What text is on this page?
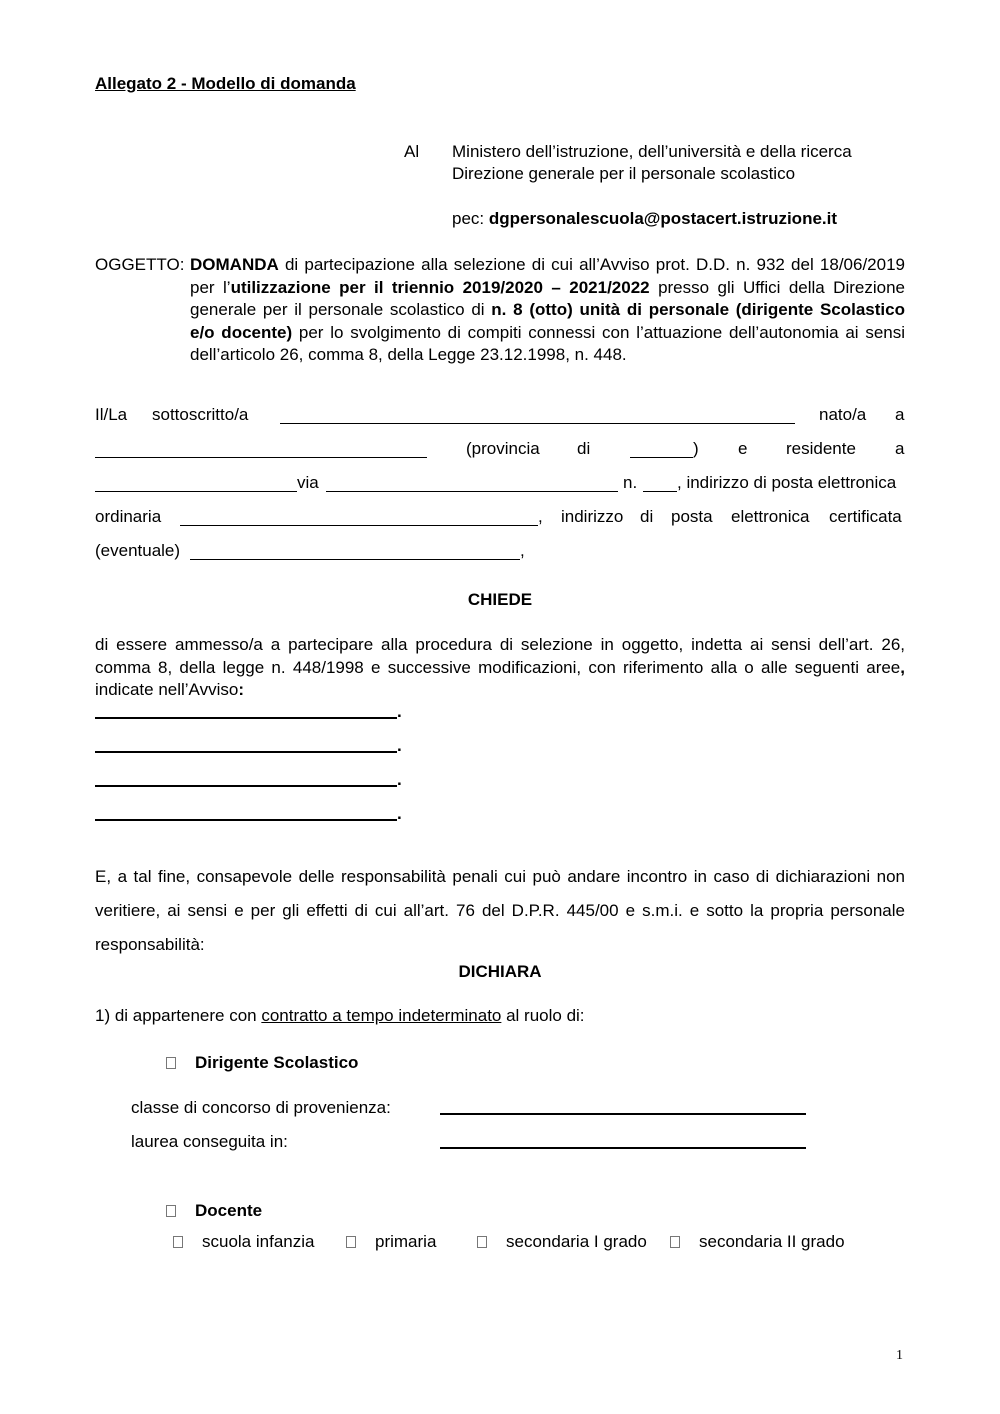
Allegato 2 - Modello di domanda
Al Ministero dell’istruzione, dell’università e della ricerca
Direzione generale per il personale scolastico
pec: dgpersonalescuola@postacert.istruzione.it
OGGETTO: DOMANDA di partecipazione alla selezione di cui all’Avviso prot. D.D. n. 932 del 18/06/2019 per l’utilizzazione per il triennio 2019/2020 – 2021/2022 presso gli Uffici della Direzione generale per il personale scolastico di n. 8 (otto) unità di personale (dirigente Scolastico e/o docente) per lo svolgimento di compiti connessi con l’attuazione dell’autonomia ai sensi dell’articolo 26, comma 8, della Legge 23.12.1998, n. 448.
Il/La sottoscritto/a	nato/a a
(provincia di	) e residente a
via	n. , indirizzo di posta elettronica
ordinaria	, indirizzo di posta elettronica certificata
(eventuale)	,
CHIEDE
di essere ammesso/a a partecipare alla procedura di selezione in oggetto, indetta ai sensi dell’art. 26, comma 8, della legge n. 448/1998 e successive modificazioni, con riferimento alla o alle seguenti aree, indicate nell’Avviso:
.
.
.
.
E, a tal fine, consapevole delle responsabilità penali cui può andare incontro in caso di dichiarazioni non veritiere, ai sensi e per gli effetti di cui all’art. 76 del D.P.R. 445/00 e s.m.i. e sotto la propria personale responsabilità:
DICHIARA
1) di appartenere con contratto a tempo indeterminato al ruolo di:
Dirigente Scolastico
classe di concorso di provenienza:
laurea conseguita in:
Docente
scuola infanzia	primaria	secondaria I grado	secondaria II grado
1
